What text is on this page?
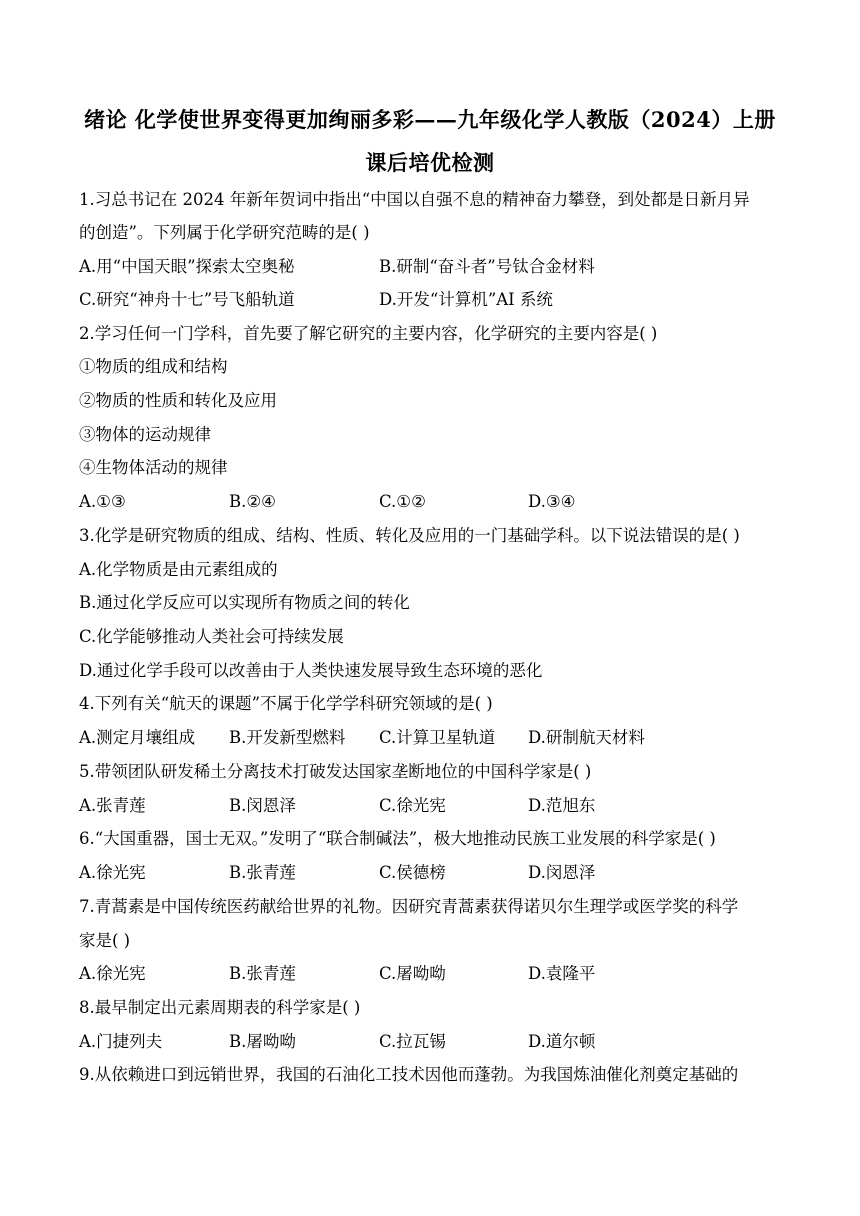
绪论 化学使世界变得更加绚丽多彩——九年级化学人教版（2024）上册
课后培优检测
1.习总书记在 2024 年新年贺词中指出“中国以自强不息的精神奋力攀登，到处都是日新月异
的创造”。下列属于化学研究范畴的是( )
A.用“中国天眼”探索太空奥秘	B.研制“奋斗者”号钛合金材料
C.研究“神舟十七”号飞船轨道	D.开发“计算机”AI 系统
2.学习任何一门学科，首先要了解它研究的主要内容，化学研究的主要内容是( )
①物质的组成和结构
②物质的性质和转化及应用
③物体的运动规律
④生物体活动的规律
A.①③	B.②④	C.①②	D.③④
3.化学是研究物质的组成、结构、性质、转化及应用的一门基础学科。以下说法错误的是( )
A.化学物质是由元素组成的
B.通过化学反应可以实现所有物质之间的转化
C.化学能够推动人类社会可持续发展
D.通过化学手段可以改善由于人类快速发展导致生态环境的恶化
4.下列有关“航天的课题”不属于化学学科研究领域的是( )
A.测定月壤组成 B.开发新型燃料 C.计算卫星轨道 D.研制航天材料
5.带领团队研发稀土分离技术打破发达国家垄断地位的中国科学家是( )
A.张青莲	B.闵恩泽	C.徐光宪	D.范旭东
6.“大国重器，国士无双。”发明了“联合制碱法”，极大地推动民族工业发展的科学家是( )
A.徐光宪	B.张青莲	C.侯德榜	D.闵恩泽
7.青蒿素是中国传统医药献给世界的礼物。因研究青蒿素获得诺贝尔生理学或医学奖的科学
家是( )
A.徐光宪	B.张青莲	C.屠呦呦	D.袁隆平
8.最早制定出元素周期表的科学家是( )
A.门捷列夫	B.屠呦呦	C.拉瓦锡	D.道尔顿
9.从依赖进口到远销世界，我国的石油化工技术因他而蓬勃。为我国炼油催化剂奠定基础的
